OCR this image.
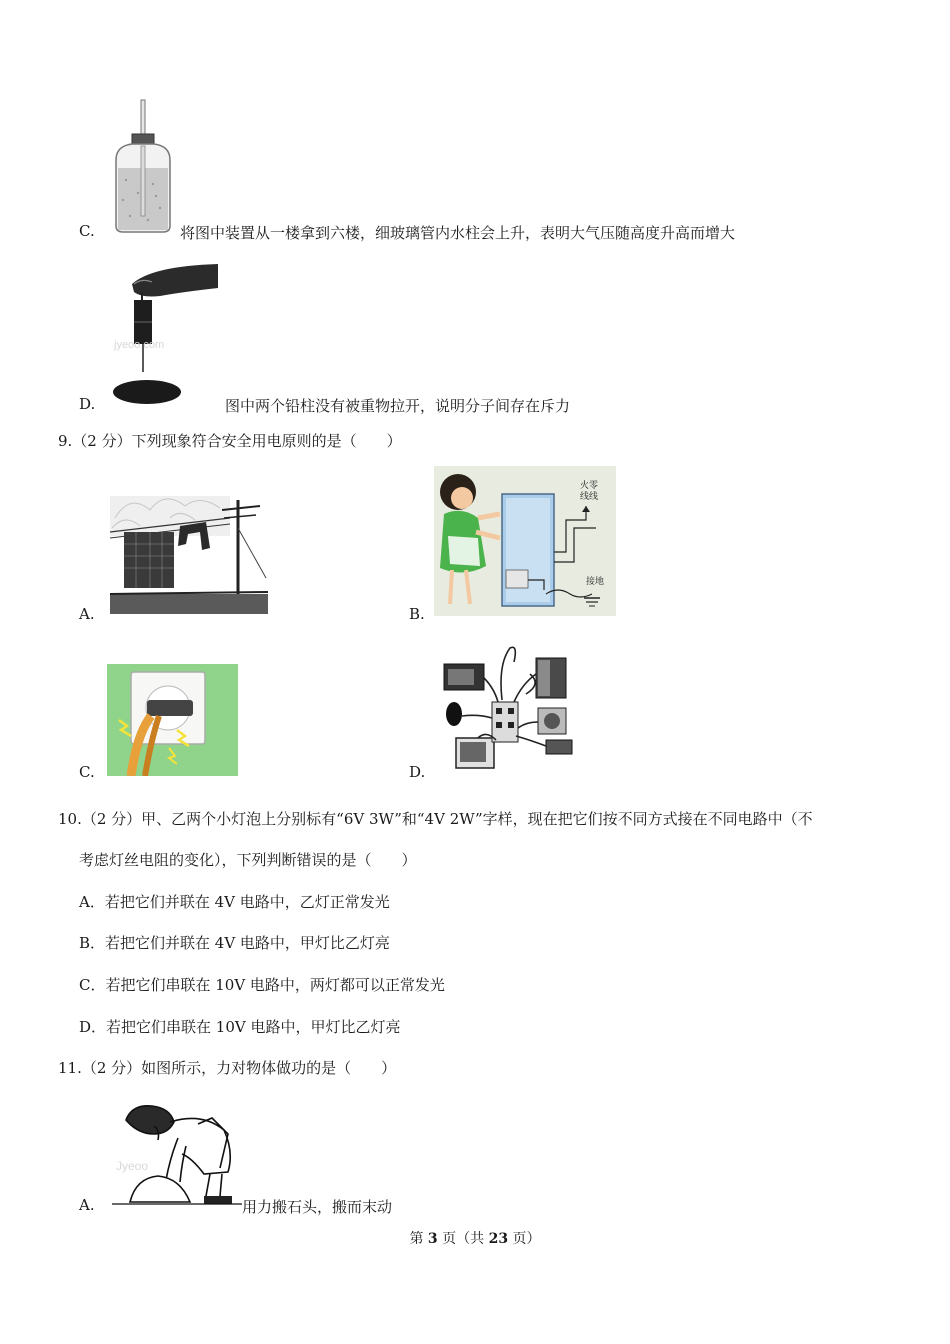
C.	将图中装置从一楼拿到六楼，细玻璃管内水柱会上升，表明大气压随高度升高而增大
jyeoo.com
D.	图中两个铅柱没有被重物拉开，说明分子间存在斥力
9.（2 分）下列现象符合安全用电原则的是（　　）
A.
火零
线线
接地
B.
C.	D.
10.（2 分）甲、乙两个小灯泡上分别标有“6V 3W”和“4V 2W”字样，现在把它们按不同方式接在不同电路中（不
考虑灯丝电阻的变化），下列判断错误的是（　　）
A．若把它们并联在 4V 电路中，乙灯正常发光
B．若把它们并联在 4V 电路中，甲灯比乙灯亮
C．若把它们串联在 10V 电路中，两灯都可以正常发光
D．若把它们串联在 10V 电路中，甲灯比乙灯亮
11.（2 分）如图所示，力对物体做功的是（　　）
Jyeoo
A.	用力搬石头，搬而末动
第 3 页（共 23 页）
